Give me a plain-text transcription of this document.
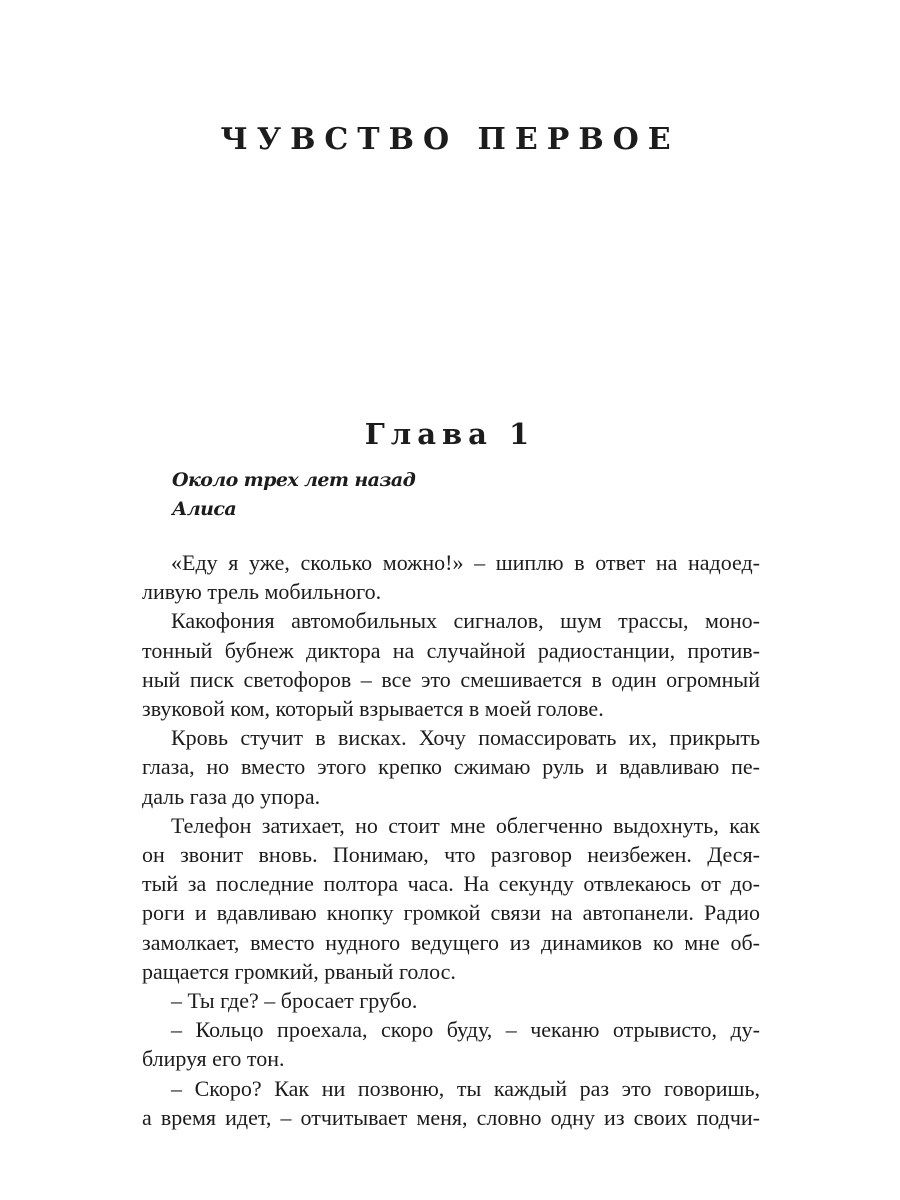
ЧУВСТВО ПЕРВОЕ
Глава 1
Около трех лет назад
Алиса
«Еду я уже, сколько можно!» – шиплю в ответ на надоед-
ливую трель мобильного.
Какофония автомобильных сигналов, шум трассы, моно-
тонный бубнеж диктора на случайной радиостанции, против-
ный писк светофоров – все это смешивается в один огромный
звуковой ком, который взрывается в моей голове.
Кровь стучит в висках. Хочу помассировать их, прикрыть
глаза, но вместо этого крепко сжимаю руль и вдавливаю пе-
даль газа до упора.
Телефон затихает, но стоит мне облегченно выдохнуть, как
он звонит вновь. Понимаю, что разговор неизбежен. Деся-
тый за последние полтора часа. На секунду отвлекаюсь от до-
роги и вдавливаю кнопку громкой связи на автопанели. Радио
замолкает, вместо нудного ведущего из динамиков ко мне об-
ращается громкий, рваный голос.
– Ты где? – бросает грубо.
– Кольцо проехала, скоро буду, – чеканю отрывисто, ду-
блируя его тон.
– Скоро? Как ни позвоню, ты каждый раз это говоришь,
а время идет, – отчитывает меня, словно одну из своих подчи-
